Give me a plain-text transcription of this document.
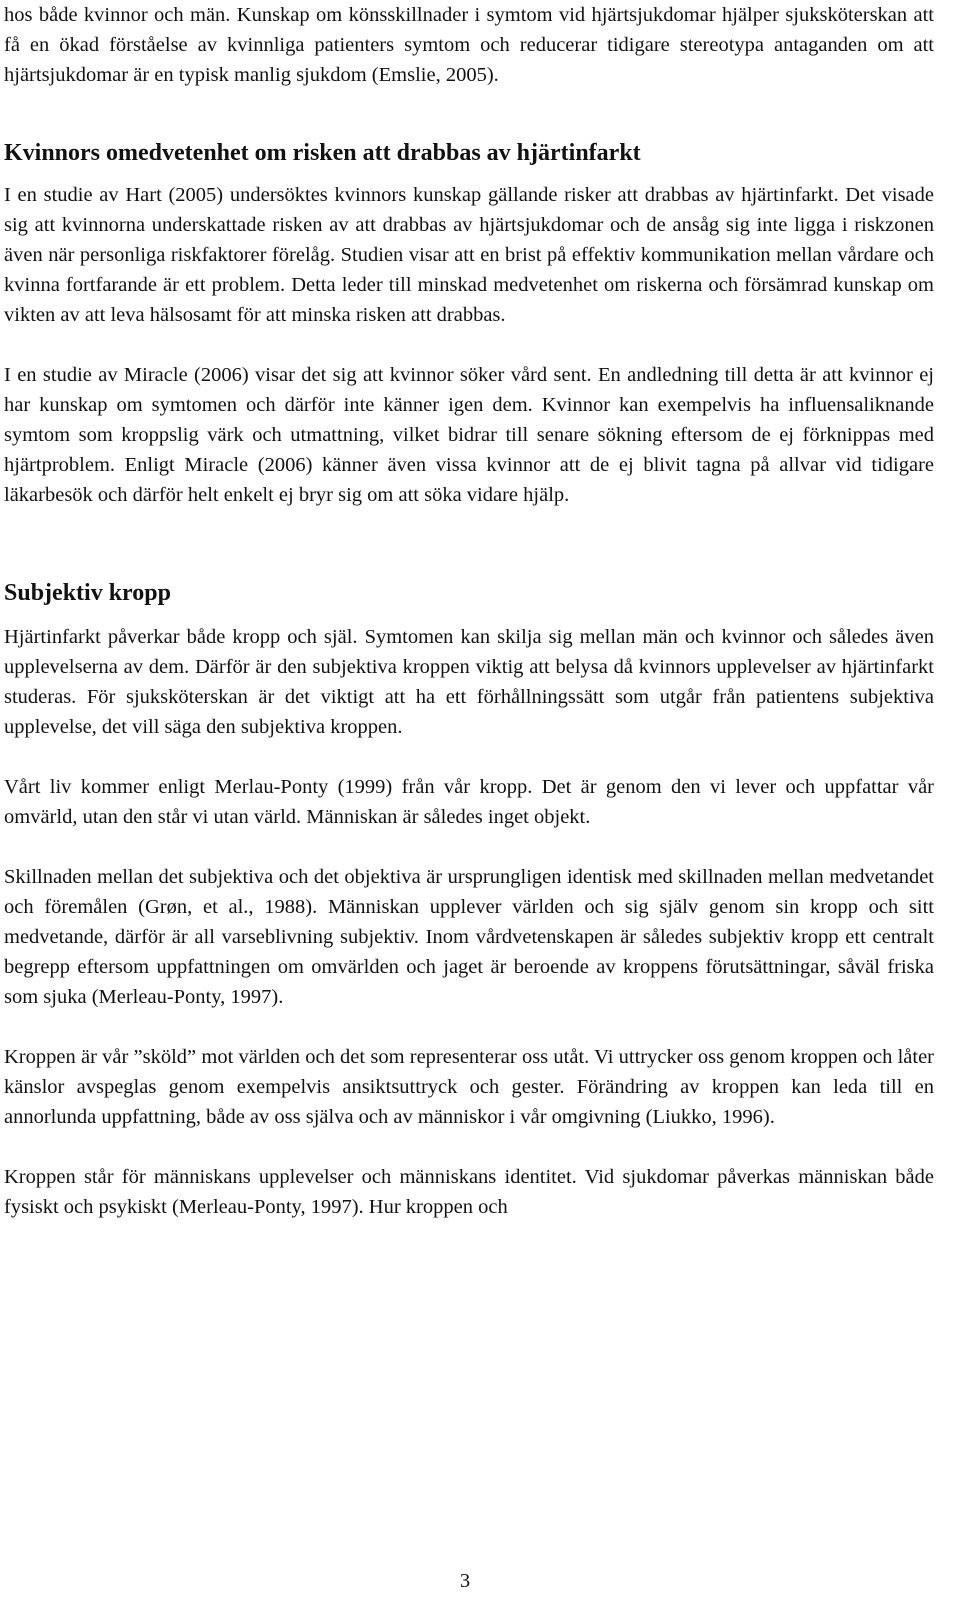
hos både kvinnor och män. Kunskap om könsskillnader i symtom vid hjärtsjukdomar hjälper sjuksköterskan att få en ökad förståelse av kvinnliga patienters symtom och reducerar tidigare stereotypa antaganden om att hjärtsjukdomar är en typisk manlig sjukdom (Emslie, 2005).

Kvinnors omedvetenhet om risken att drabbas av hjärtinfarkt

I en studie av Hart (2005) undersöktes kvinnors kunskap gällande risker att drabbas av hjärtinfarkt. Det visade sig att kvinnorna underskattade risken av att drabbas av hjärtsjukdomar och de ansåg sig inte ligga i riskzonen även när personliga riskfaktorer förelåg. Studien visar att en brist på effektiv kommunikation mellan vårdare och kvinna fortfarande är ett problem. Detta leder till minskad medvetenhet om riskerna och försämrad kunskap om vikten av att leva hälsosamt för att minska risken att drabbas.

I en studie av Miracle (2006) visar det sig att kvinnor söker vård sent. En andledning till detta är att kvinnor ej har kunskap om symtomen och därför inte känner igen dem. Kvinnor kan exempelvis ha influensaliknande symtom som kroppslig värk och utmattning, vilket bidrar till senare sökning eftersom de ej förknippas med hjärtproblem. Enligt Miracle (2006) känner även vissa kvinnor att de ej blivit tagna på allvar vid tidigare läkarbesök och därför helt enkelt ej bryr sig om att söka vidare hjälp.

Subjektiv kropp

Hjärtinfarkt påverkar både kropp och själ. Symtomen kan skilja sig mellan män och kvinnor och således även upplevelserna av dem. Därför är den subjektiva kroppen viktig att belysa då kvinnors upplevelser av hjärtinfarkt studeras. För sjuksköterskan är det viktigt att ha ett förhållningssätt som utgår från patientens subjektiva upplevelse, det vill säga den subjektiva kroppen.

Vårt liv kommer enligt Merlau-Ponty (1999) från vår kropp. Det är genom den vi lever och uppfattar vår omvärld, utan den står vi utan värld. Människan är således inget objekt.

Skillnaden mellan det subjektiva och det objektiva är ursprungligen identisk med skillnaden mellan medvetandet och föremålen (Grøn, et al., 1988). Människan upplever världen och sig själv genom sin kropp och sitt medvetande, därför är all varseblivning subjektiv. Inom vårdvetenskapen är således subjektiv kropp ett centralt begrepp eftersom uppfattningen om omvärlden och jaget är beroende av kroppens förutsättningar, såväl friska som sjuka (Merleau-Ponty, 1997).

Kroppen är vår ”sköld” mot världen och det som representerar oss utåt. Vi uttrycker oss genom kroppen och låter känslor avspeglas genom exempelvis ansiktsuttryck och gester. Förändring av kroppen kan leda till en annorlunda uppfattning, både av oss själva och av människor i vår omgivning (Liukko, 1996).

Kroppen står för människans upplevelser och människans identitet. Vid sjukdomar påverkas människan både fysiskt och psykiskt (Merleau-Ponty, 1997). Hur kroppen och

3
